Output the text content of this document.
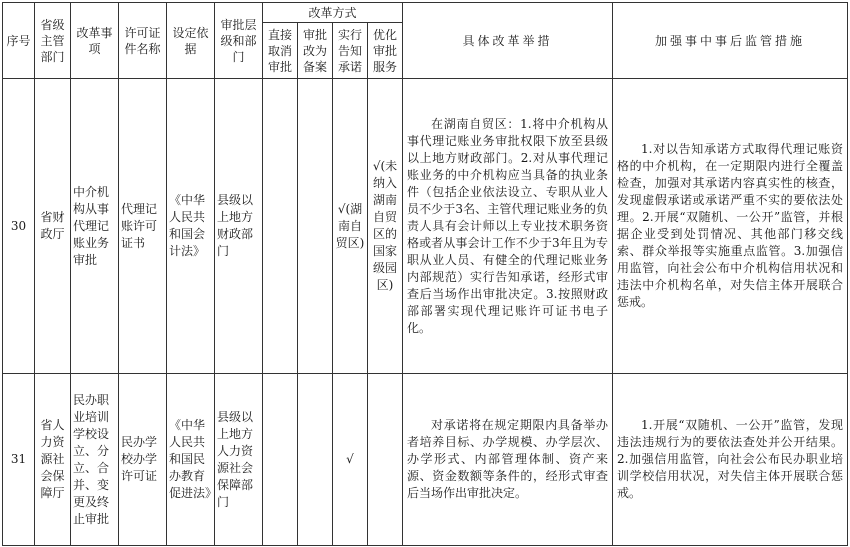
序号	省级主管部门	改革事项	许可证件名称	设定依据	审批层级和部门	改革方式				具体改革举措	加强事中事后监管措施
						直接取消审批	审批改为备案	实行告知承诺	优化审批服务		
30	省财政厅	中介机构从事代理记账业务审批	代理记账许可证书	《中华人民共和国会计法》	县级以上地方财政部门			√(湖南自贸区)	√(未纳入湖南自贸区的国家级园区)	在湖南自贸区：1.将中介机构从事代理记账业务审批权限下放至县级以上地方财政部门。2.对从事代理记账业务的中介机构应当具备的执业条件（包括企业依法设立、专职从业人员不少于3名、主管代理记账业务的负责人具有会计师以上专业技术职务资格或者从事会计工作不少于3年且为专职从业人员、有健全的代理记账业务内部规范）实行告知承诺，经形式审查后当场作出审批决定。3.按照财政部部署实现代理记账许可证书电子化。	1.对以告知承诺方式取得代理记账资格的中介机构，在一定期限内进行全覆盖检查，加强对其承诺内容真实性的核查，发现虚假承诺或承诺严重不实的要依法处理。2.开展“双随机、一公开”监管，并根据企业受到处罚情况、其他部门移交线索、群众举报等实施重点监管。3.加强信用监管，向社会公布中介机构信用状况和违法中介机构名单，对失信主体开展联合惩戒。
31	省人力资源社会保障厅	民办职业培训学校设立、分立、合并、变更及终止审批	民办学校办学许可证	《中华人民共和国民办教育促进法》	县级以上地方人力资源社会保障部门			√		对承诺将在规定期限内具备举办者培养目标、办学规模、办学层次、办学形式、内部管理体制、资产来源、资金数额等条件的，经形式审查后当场作出审批决定。	1.开展“双随机、一公开”监管，发现违法违规行为的要依法查处并公开结果。2.加强信用监管，向社会公布民办职业培训学校信用状况，对失信主体开展联合惩戒。
